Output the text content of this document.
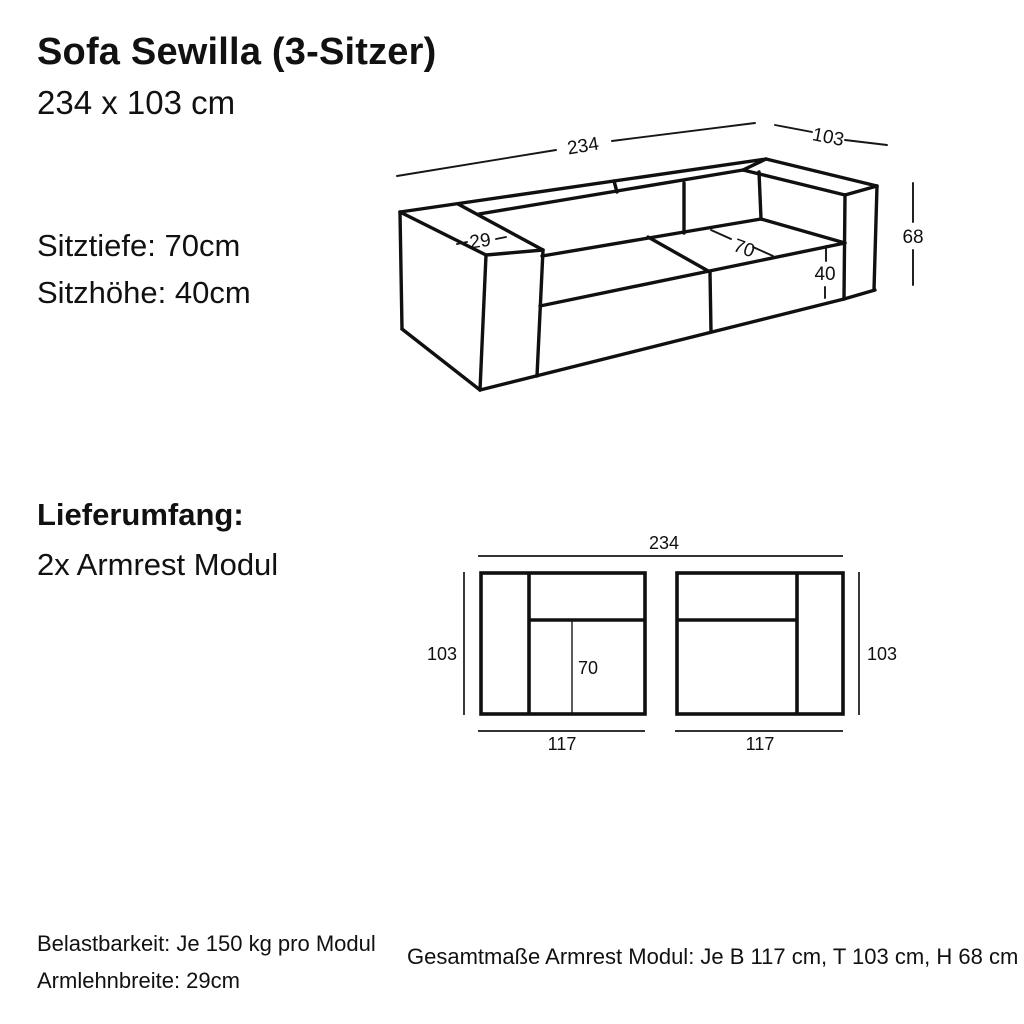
Sofa Sewilla (3-Sitzer)
234 x 103 cm
Sitztiefe: 70cm
Sitzhöhe: 40cm
Lieferumfang:
2x Armrest Modul
234	103
68
29	70
40
234
103	103
117	117
70
Belastbarkeit: Je 150 kg pro Modul
Armlehnbreite: 29cm
Gesamtmaße Armrest Modul: Je B 117 cm, T 103 cm, H 68 cm
